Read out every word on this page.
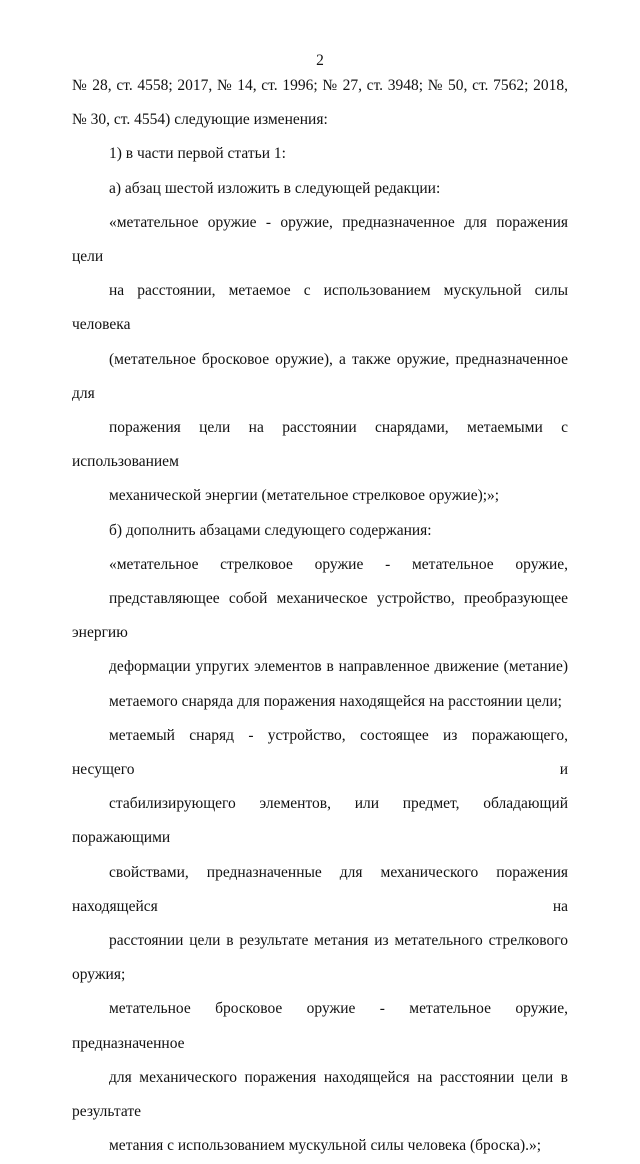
2

№ 28, ст. 4558; 2017, № 14, ст. 1996; № 27, ст. 3948; № 50, ст. 7562; 2018,
№ 30, ст. 4554) следующие изменения:

1) в части первой статьи 1:

а) абзац шестой изложить в следующей редакции:

«метательное оружие - оружие, предназначенное для поражения цели
на расстоянии, метаемое с использованием мускульной силы человека
(метательное бросковое оружие), а также оружие, предназначенное для
поражения цели на расстоянии снарядами, метаемыми с использованием
механической энергии (метательное стрелковое оружие);»;

б) дополнить абзацами следующего содержания:

«метательное стрелковое оружие - метательное оружие,
представляющее собой механическое устройство, преобразующее энергию
деформации упругих элементов в направленное движение (метание)
метаемого снаряда для поражения находящейся на расстоянии цели;

метаемый снаряд - устройство, состоящее из поражающего, несущего и
стабилизирующего элементов, или предмет, обладающий поражающими
свойствами, предназначенные для механического поражения находящейся на
расстоянии цели в результате метания из метательного стрелкового оружия;

метательное бросковое оружие - метательное оружие, предназначенное
для механического поражения находящейся на расстоянии цели в результате
метания с использованием мускульной силы человека (броска).»;
